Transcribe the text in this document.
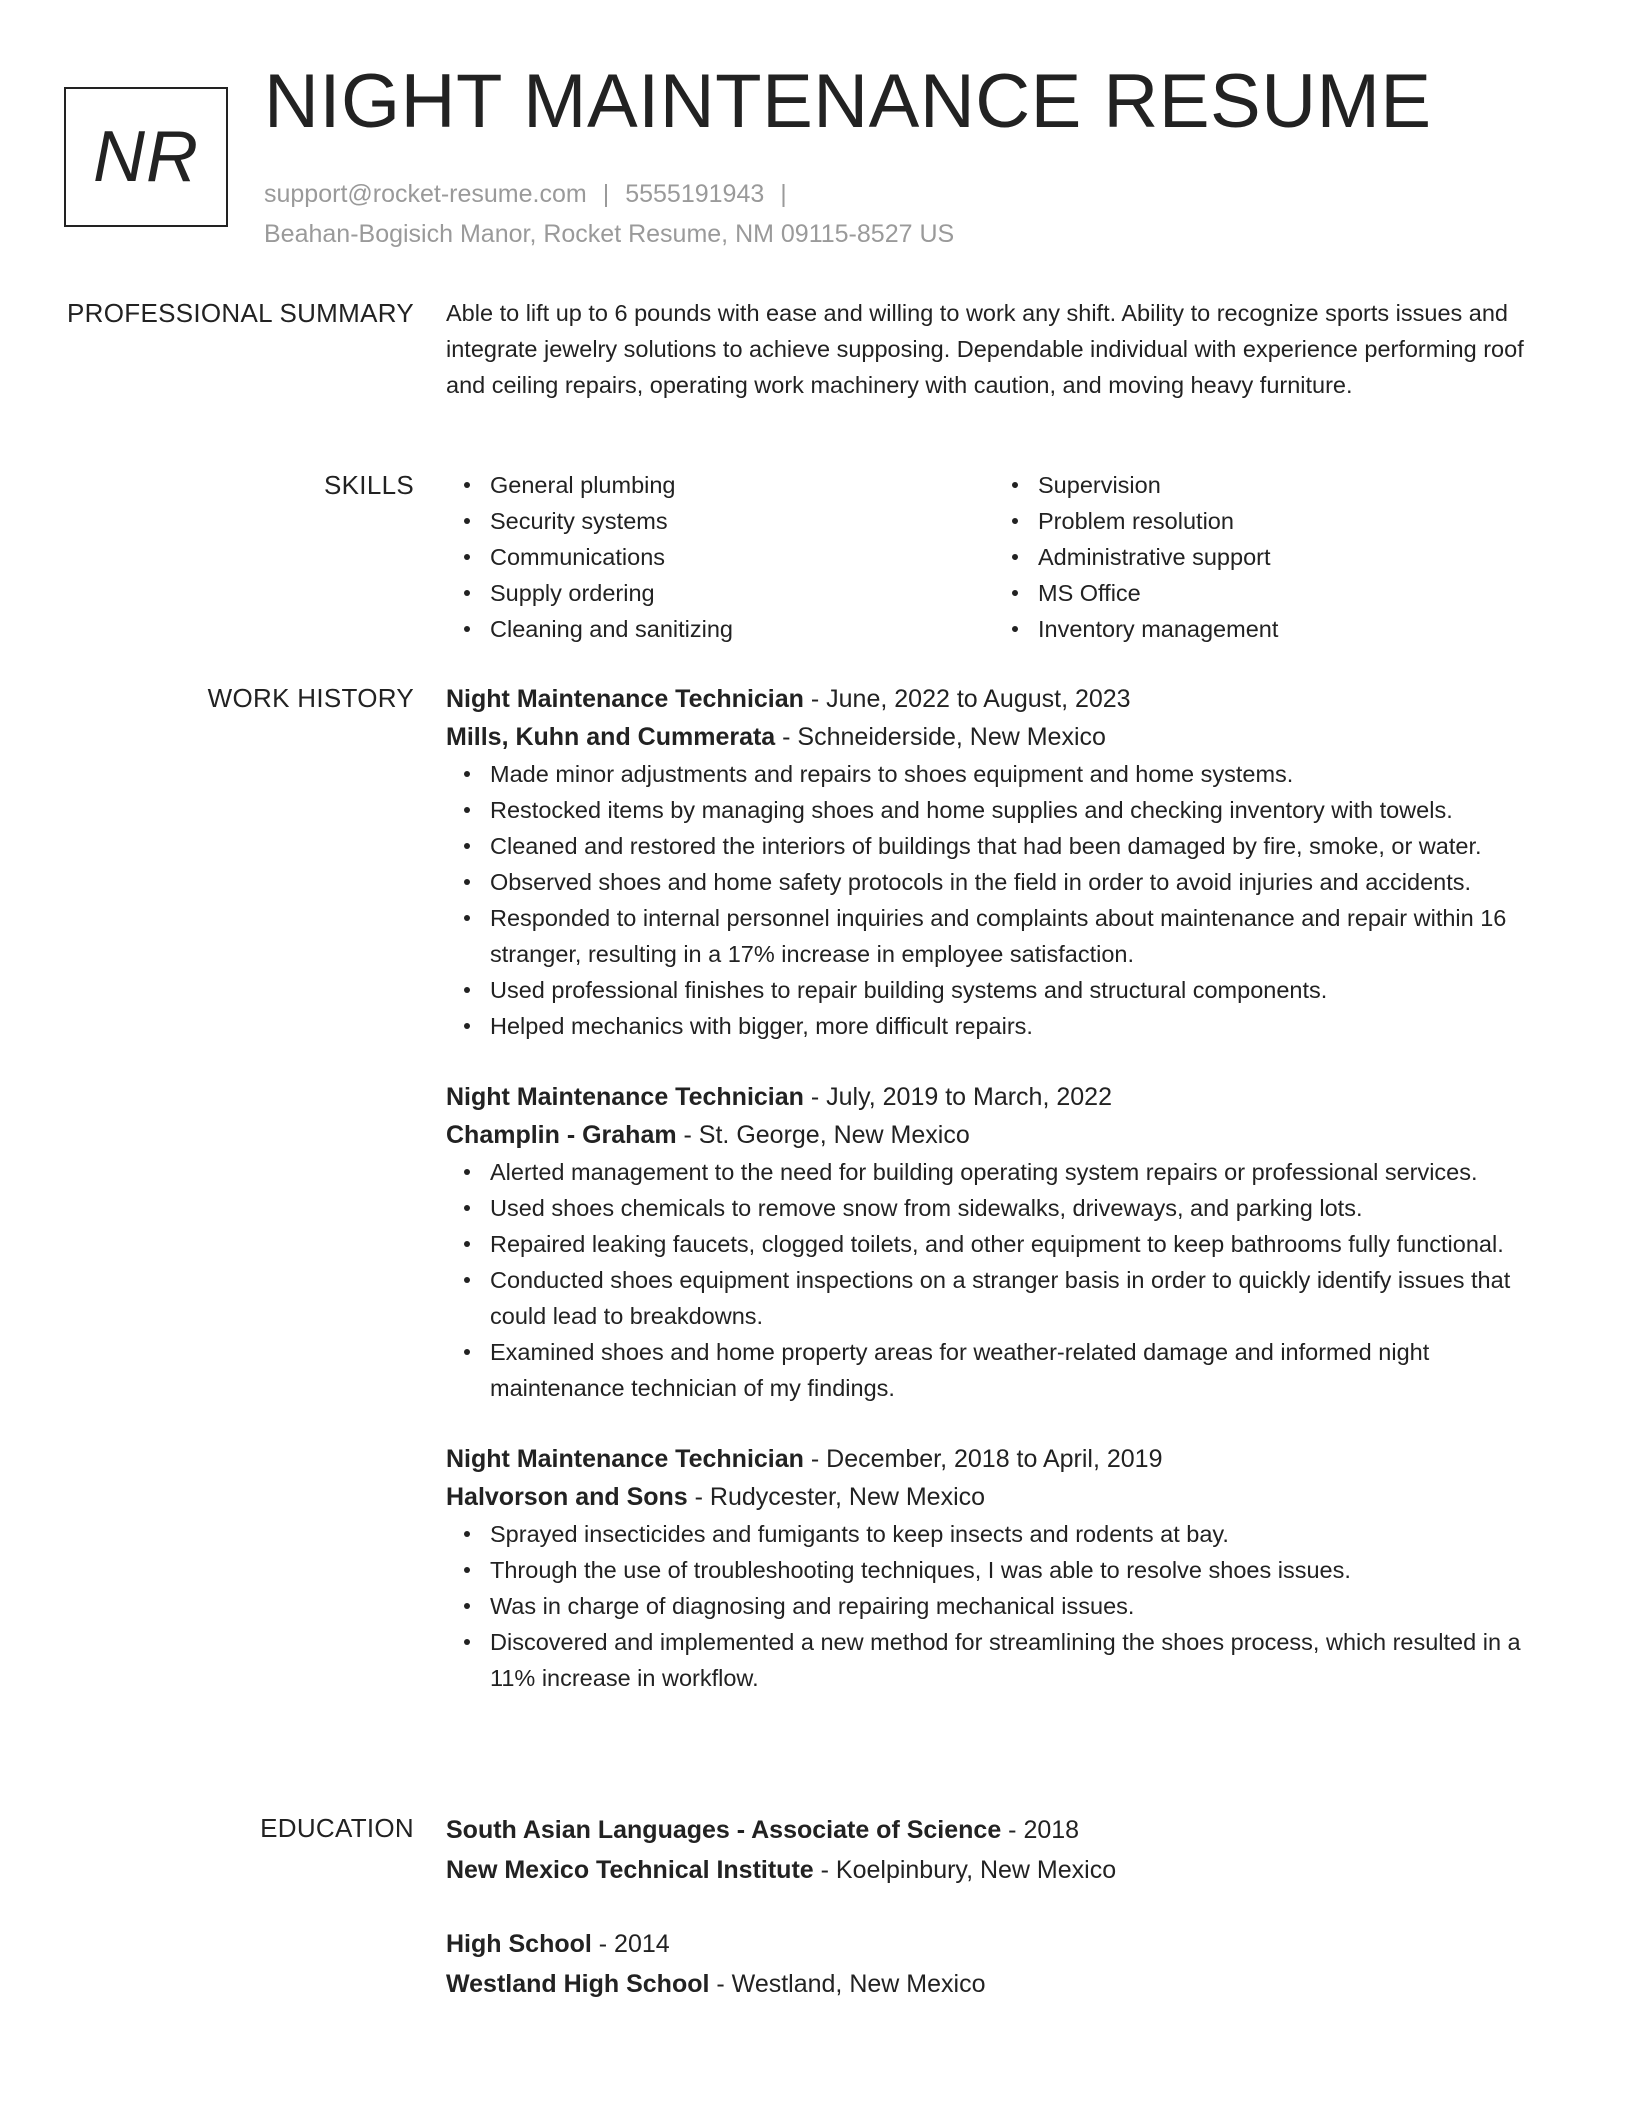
NR
NIGHT MAINTENANCE RESUME
support@rocket-resume.com | 5555191943 |
Beahan-Bogisich Manor, Rocket Resume, NM 09115-8527 US
PROFESSIONAL SUMMARY Able to lift up to 6 pounds with ease and willing to work any shift. Ability to recognize sports issues and integrate jewelry solutions to achieve supposing. Dependable individual with experience performing roof and ceiling repairs, operating work machinery with caution, and moving heavy furniture.

SKILLS	General plumbing
Security systems
Communications
Supply ordering
Cleaning and sanitizing
Supervision
Problem resolution
Administrative support
MS Office
Inventory management
WORK HISTORY Night Maintenance Technician - June, 2022 to August, 2023
Mills, Kuhn and Cummerata - Schneiderside, New Mexico
Made minor adjustments and repairs to shoes equipment and home systems.
Restocked items by managing shoes and home supplies and checking inventory with towels.
Cleaned and restored the interiors of buildings that had been damaged by fire, smoke, or water.
Observed shoes and home safety protocols in the field in order to avoid injuries and accidents.
Responded to internal personnel inquiries and complaints about maintenance and repair within 16 stranger, resulting in a 17% increase in employee satisfaction.
Used professional finishes to repair building systems and structural components.
Helped mechanics with bigger, more difficult repairs.
Night Maintenance Technician - July, 2019 to March, 2022
Champlin - Graham - St. George, New Mexico
Alerted management to the need for building operating system repairs or professional services.
Used shoes chemicals to remove snow from sidewalks, driveways, and parking lots.
Repaired leaking faucets, clogged toilets, and other equipment to keep bathrooms fully functional.
Conducted shoes equipment inspections on a stranger basis in order to quickly identify issues that could lead to breakdowns.
Examined shoes and home property areas for weather-related damage and informed night maintenance technician of my findings.
Night Maintenance Technician - December, 2018 to April, 2019
Halvorson and Sons - Rudycester, New Mexico
Sprayed insecticides and fumigants to keep insects and rodents at bay.
Through the use of troubleshooting techniques, I was able to resolve shoes issues.
Was in charge of diagnosing and repairing mechanical issues.
Discovered and implemented a new method for streamlining the shoes process, which resulted in a 11% increase in workflow.
EDUCATION South Asian Languages - Associate of Science - 2018
New Mexico Technical Institute - Koelpinbury, New Mexico
High School - 2014
Westland High School - Westland, New Mexico
